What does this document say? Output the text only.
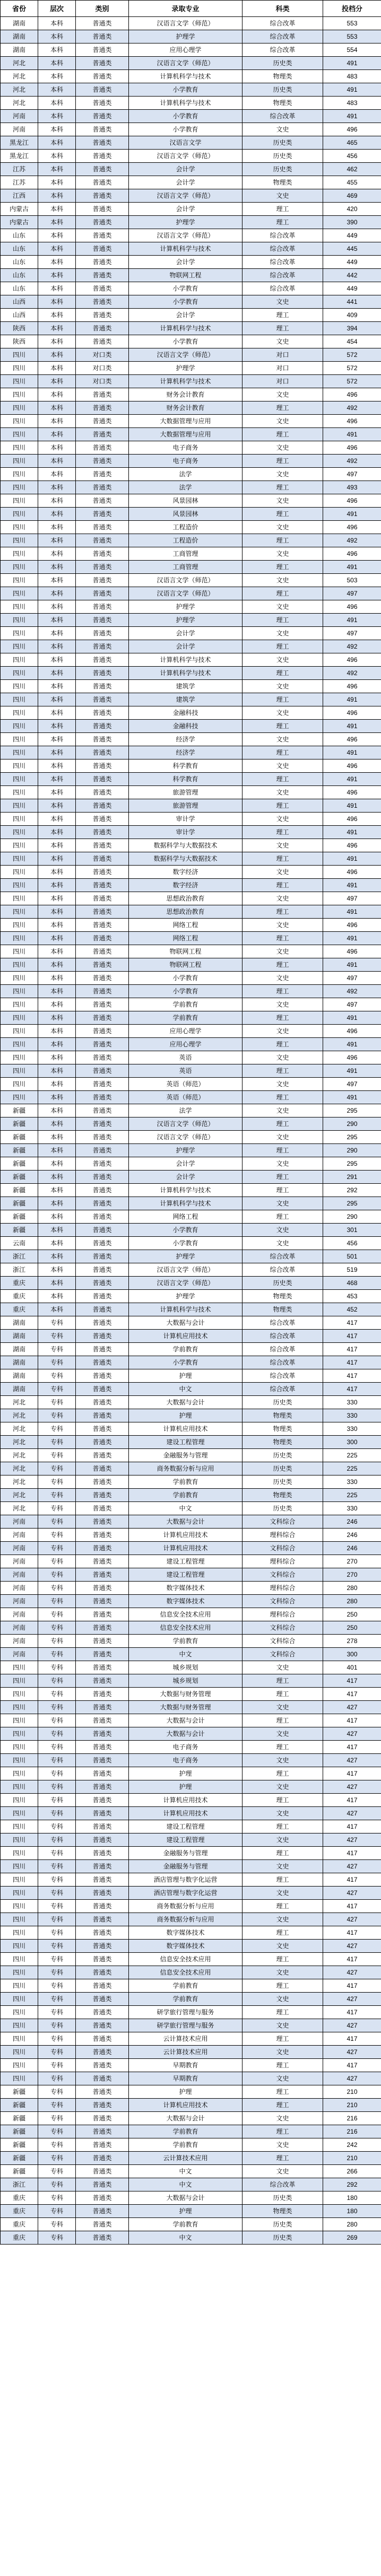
省份	层次	类别	录取专业	科类	投档分
湖南	本科	普通类	汉语言文学（师范）	综合改革	553
湖南	本科	普通类	护理学	综合改革	553
湖南	本科	普通类	应用心理学	综合改革	554
河北	本科	普通类	汉语言文学（师范）	历史类	491
河北	本科	普通类	计算机科学与技术	物理类	483
河北	本科	普通类	小学教育	历史类	491
河北	本科	普通类	计算机科学与技术	物理类	483
河南	本科	普通类	小学教育	综合改革	491
河南	本科	普通类	小学教育	文史	496
黑龙江	本科	普通类	汉语言文学	历史类	465
黑龙江	本科	普通类	汉语言文学（师范）	历史类	456
江苏	本科	普通类	会计学	历史类	462
江苏	本科	普通类	会计学	物理类	455
江西	本科	普通类	汉语言文学（师范）	文史	469
内蒙古	本科	普通类	会计学	理工	420
内蒙古	本科	普通类	护理学	理工	390
山东	本科	普通类	汉语言文学（师范）	综合改革	449
山东	本科	普通类	计算机科学与技术	综合改革	445
山东	本科	普通类	会计学	综合改革	449
山东	本科	普通类	物联网工程	综合改革	442
山东	本科	普通类	小学教育	综合改革	449
山西	本科	普通类	小学教育	文史	441
山西	本科	普通类	会计学	理工	409
陕西	本科	普通类	计算机科学与技术	理工	394
陕西	本科	普通类	小学教育	文史	454
四川	本科	对口类	汉语言文学（师范）	对口	572
四川	本科	对口类	护理学	对口	572
四川	本科	对口类	计算机科学与技术	对口	572
四川	本科	普通类	财务会计教育	文史	496
四川	本科	普通类	财务会计教育	理工	492
四川	本科	普通类	大数据管理与应用	文史	496
四川	本科	普通类	大数据管理与应用	理工	491
四川	本科	普通类	电子商务	文史	496
四川	本科	普通类	电子商务	理工	492
四川	本科	普通类	法学	文史	497
四川	本科	普通类	法学	理工	493
四川	本科	普通类	风景园林	文史	496
四川	本科	普通类	风景园林	理工	491
四川	本科	普通类	工程造价	文史	496
四川	本科	普通类	工程造价	理工	492
四川	本科	普通类	工商管理	文史	496
四川	本科	普通类	工商管理	理工	491
四川	本科	普通类	汉语言文学（师范）	文史	503
四川	本科	普通类	汉语言文学（师范）	理工	497
四川	本科	普通类	护理学	文史	496
四川	本科	普通类	护理学	理工	491
四川	本科	普通类	会计学	文史	497
四川	本科	普通类	会计学	理工	492
四川	本科	普通类	计算机科学与技术	文史	496
四川	本科	普通类	计算机科学与技术	理工	492
四川	本科	普通类	建筑学	文史	496
四川	本科	普通类	建筑学	理工	491
四川	本科	普通类	金融科技	文史	496
四川	本科	普通类	金融科技	理工	491
四川	本科	普通类	经济学	文史	496
四川	本科	普通类	经济学	理工	491
四川	本科	普通类	科学教育	文史	496
四川	本科	普通类	科学教育	理工	491
四川	本科	普通类	旅游管理	文史	496
四川	本科	普通类	旅游管理	理工	491
四川	本科	普通类	审计学	文史	496
四川	本科	普通类	审计学	理工	491
四川	本科	普通类	数据科学与大数据技术	文史	496
四川	本科	普通类	数据科学与大数据技术	理工	491
四川	本科	普通类	数字经济	文史	496
四川	本科	普通类	数字经济	理工	491
四川	本科	普通类	思想政治教育	文史	497
四川	本科	普通类	思想政治教育	理工	491
四川	本科	普通类	网络工程	文史	496
四川	本科	普通类	网络工程	理工	491
四川	本科	普通类	物联网工程	文史	496
四川	本科	普通类	物联网工程	理工	491
四川	本科	普通类	小学教育	文史	497
四川	本科	普通类	小学教育	理工	492
四川	本科	普通类	学前教育	文史	497
四川	本科	普通类	学前教育	理工	491
四川	本科	普通类	应用心理学	文史	496
四川	本科	普通类	应用心理学	理工	491
四川	本科	普通类	英语	文史	496
四川	本科	普通类	英语	理工	491
四川	本科	普通类	英语（师范）	文史	497
四川	本科	普通类	英语（师范）	理工	491
新疆	本科	普通类	法学	文史	295
新疆	本科	普通类	汉语言文学（师范）	理工	290
新疆	本科	普通类	汉语言文学（师范）	文史	295
新疆	本科	普通类	护理学	理工	290
新疆	本科	普通类	会计学	文史	295
新疆	本科	普通类	会计学	理工	291
新疆	本科	普通类	计算机科学与技术	理工	292
新疆	本科	普通类	计算机科学与技术	文史	295
新疆	本科	普通类	网络工程	理工	290
新疆	本科	普通类	小学教育	文史	301
云南	本科	普通类	小学教育	文史	456
浙江	本科	普通类	护理学	综合改革	501
浙江	本科	普通类	汉语言文学（师范）	综合改革	519
重庆	本科	普通类	汉语言文学（师范）	历史类	468
重庆	本科	普通类	护理学	物理类	453
重庆	本科	普通类	计算机科学与技术	物理类	452
湖南	专科	普通类	大数据与会计	综合改革	417
湖南	专科	普通类	计算机应用技术	综合改革	417
湖南	专科	普通类	学前教育	综合改革	417
湖南	专科	普通类	小学教育	综合改革	417
湖南	专科	普通类	护理	综合改革	417
湖南	专科	普通类	中文	综合改革	417
河北	专科	普通类	大数据与会计	历史类	330
河北	专科	普通类	护理	物理类	330
河北	专科	普通类	计算机应用技术	物理类	330
河北	专科	普通类	建设工程管理	物理类	300
河北	专科	普通类	金融服务与管理	历史类	225
河北	专科	普通类	商务数据分析与应用	历史类	225
河北	专科	普通类	学前教育	历史类	330
河北	专科	普通类	学前教育	物理类	225
河北	专科	普通类	中文	历史类	330
河南	专科	普通类	大数据与会计	文科综合	246
河南	专科	普通类	计算机应用技术	理科综合	246
河南	专科	普通类	计算机应用技术	文科综合	246
河南	专科	普通类	建设工程管理	理科综合	270
河南	专科	普通类	建设工程管理	文科综合	270
河南	专科	普通类	数字媒体技术	理科综合	280
河南	专科	普通类	数字媒体技术	文科综合	280
河南	专科	普通类	信息安全技术应用	理科综合	250
河南	专科	普通类	信息安全技术应用	文科综合	250
河南	专科	普通类	学前教育	文科综合	278
河南	专科	普通类	中文	文科综合	300
四川	专科	普通类	城乡规划	文史	401
四川	专科	普通类	城乡规划	理工	417
四川	专科	普通类	大数据与财务管理	理工	417
四川	专科	普通类	大数据与财务管理	文史	427
四川	专科	普通类	大数据与会计	理工	417
四川	专科	普通类	大数据与会计	文史	427
四川	专科	普通类	电子商务	理工	417
四川	专科	普通类	电子商务	文史	427
四川	专科	普通类	护理	理工	417
四川	专科	普通类	护理	文史	427
四川	专科	普通类	计算机应用技术	理工	417
四川	专科	普通类	计算机应用技术	文史	427
四川	专科	普通类	建设工程管理	理工	417
四川	专科	普通类	建设工程管理	文史	427
四川	专科	普通类	金融服务与管理	理工	417
四川	专科	普通类	金融服务与管理	文史	427
四川	专科	普通类	酒店管理与数字化运营	理工	417
四川	专科	普通类	酒店管理与数字化运营	文史	427
四川	专科	普通类	商务数据分析与应用	理工	417
四川	专科	普通类	商务数据分析与应用	文史	427
四川	专科	普通类	数字媒体技术	理工	417
四川	专科	普通类	数字媒体技术	文史	427
四川	专科	普通类	信息安全技术应用	理工	417
四川	专科	普通类	信息安全技术应用	文史	427
四川	专科	普通类	学前教育	理工	417
四川	专科	普通类	学前教育	文史	427
四川	专科	普通类	研学旅行管理与服务	理工	417
四川	专科	普通类	研学旅行管理与服务	文史	427
四川	专科	普通类	云计算技术应用	理工	417
四川	专科	普通类	云计算技术应用	文史	427
四川	专科	普通类	早期教育	理工	417
四川	专科	普通类	早期教育	文史	427
新疆	专科	普通类	护理	理工	210
新疆	专科	普通类	计算机应用技术	理工	210
新疆	专科	普通类	大数据与会计	文史	216
新疆	专科	普通类	学前教育	理工	216
新疆	专科	普通类	学前教育	文史	242
新疆	专科	普通类	云计算技术应用	理工	210
新疆	专科	普通类	中文	文史	266
浙江	专科	普通类	中文	综合改革	292
重庆	专科	普通类	大数据与会计	历史类	180
重庆	专科	普通类	护理	物理类	180
重庆	专科	普通类	学前教育	历史类	280
重庆	专科	普通类	中文	历史类	269
